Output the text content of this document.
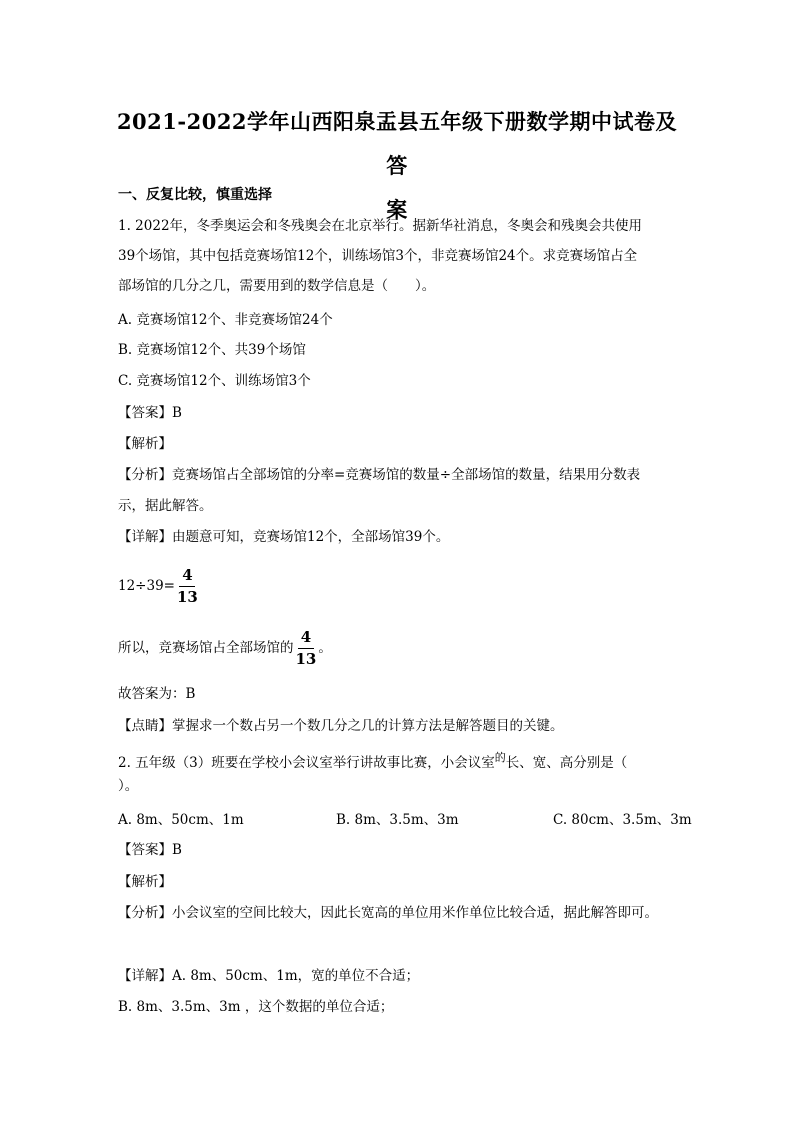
2021-2022学年山西阳泉盂县五年级下册数学期中试卷及答
案
一、反复比较，慎重选择
1. 2022年，冬季奥运会和冬残奥会在北京举行。据新华社消息，冬奥会和残奥会共使用
39个场馆，其中包括竞赛场馆12个，训练场馆3个，非竞赛场馆24个。求竞赛场馆占全
部场馆的几分之几，需要用到的数学信息是（　　）。
A. 竞赛场馆12个、非竞赛场馆24个
B. 竞赛场馆12个、共39个场馆
C. 竞赛场馆12个、训练场馆3个
【答案】B
【解析】
【分析】竞赛场馆占全部场馆的分率=竞赛场馆的数量÷全部场馆的数量，结果用分数表
示，据此解答。
【详解】由题意可知，竞赛场馆12个，全部场馆39个。
$12\div 39= \frac{4}{13}$
所以，竞赛场馆占全部场馆的 $\frac{4}{13}$ 。
故答案为：B
【点睛】掌握求一个数占另一个数几分之几的计算方法是解答题目的关键。
2. 五年级（3）班要在学校小会议室举行讲故事比赛，小会议室$^的$长、宽、高分别是（
）。
A. 8m、50cm、1m	B. 8m、3.5m、3m	C. 80cm、3.5m、3m
【答案】B
【解析】
【分析】小会议室的空间比较大，因此长宽高的单位用米作单位比较合适，据此解答即可。
【详解】A. 8m、50cm、1m，宽的单位不合适；
B. 8m、3.5m、3m ，这个数据的单位合适；
